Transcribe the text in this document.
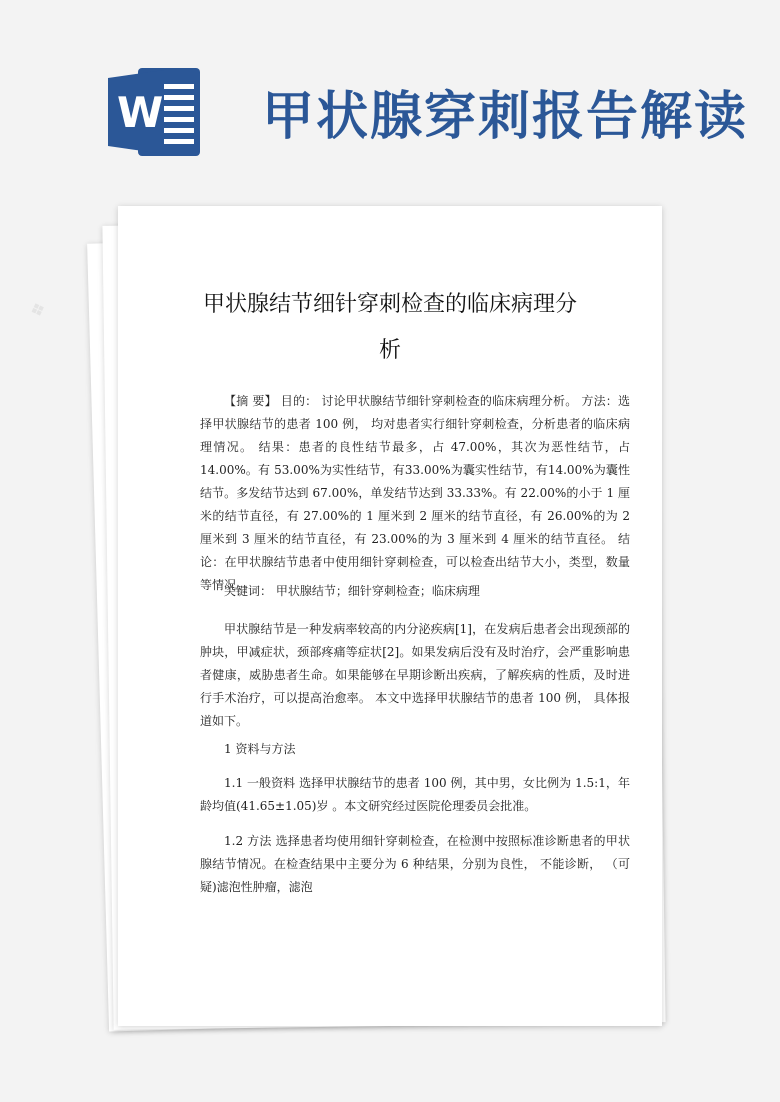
W 甲状腺穿刺报告解读
甲状腺结节细针穿刺检查的临床病理分
析
【摘 要】 目的： 讨论甲状腺结节细针穿刺检查的临床病理分析。 方法：选择甲状腺结节的患者 100 例， 均对患者实行细针穿刺检查，分析患者的临床病理情况。 结果：患者的良性结节最多，占 47.00%，其次为恶性结节，占 14.00%。有 53.00%为实性结节，有33.00%为囊实性结节，有14.00%为囊性结节。多发结节达到 67.00%，单发结节达到 33.33%。有 22.00%的小于 1 厘米的结节直径，有 27.00%的 1 厘米到 2 厘米的结节直径，有 26.00%的为 2 厘米到 3 厘米的结节直径，有 23.00%的为 3 厘米到 4 厘米的结节直径。 结论：在甲状腺结节患者中使用细针穿刺检查，可以检查出结节大小，类型，数量等情况。
关键词： 甲状腺结节；细针穿刺检查；临床病理
甲状腺结节是一种发病率较高的内分泌疾病[1]，在发病后患者会出现颈部的肿块，甲减症状，颈部疼痛等症状[2]。如果发病后没有及时治疗，会严重影响患者健康，威胁患者生命。如果能够在早期诊断出疾病，了解疾病的性质，及时进行手术治疗，可以提高治愈率。 本文中选择甲状腺结节的患者 100 例， 具体报道如下。
1 资料与方法
1.1 一般资料 选择甲状腺结节的患者 100 例，其中男，女比例为 1.5:1，年龄均值(41.65±1.05)岁 。本文研究经过医院伦理委员会批准。
1.2 方法 选择患者均使用细针穿刺检查，在检测中按照标准诊断患者的甲状腺结节情况。在检查结果中主要分为 6 种结果，分别为良性， 不能诊断， （可疑)滤泡性肿瘤，滤泡
❖
